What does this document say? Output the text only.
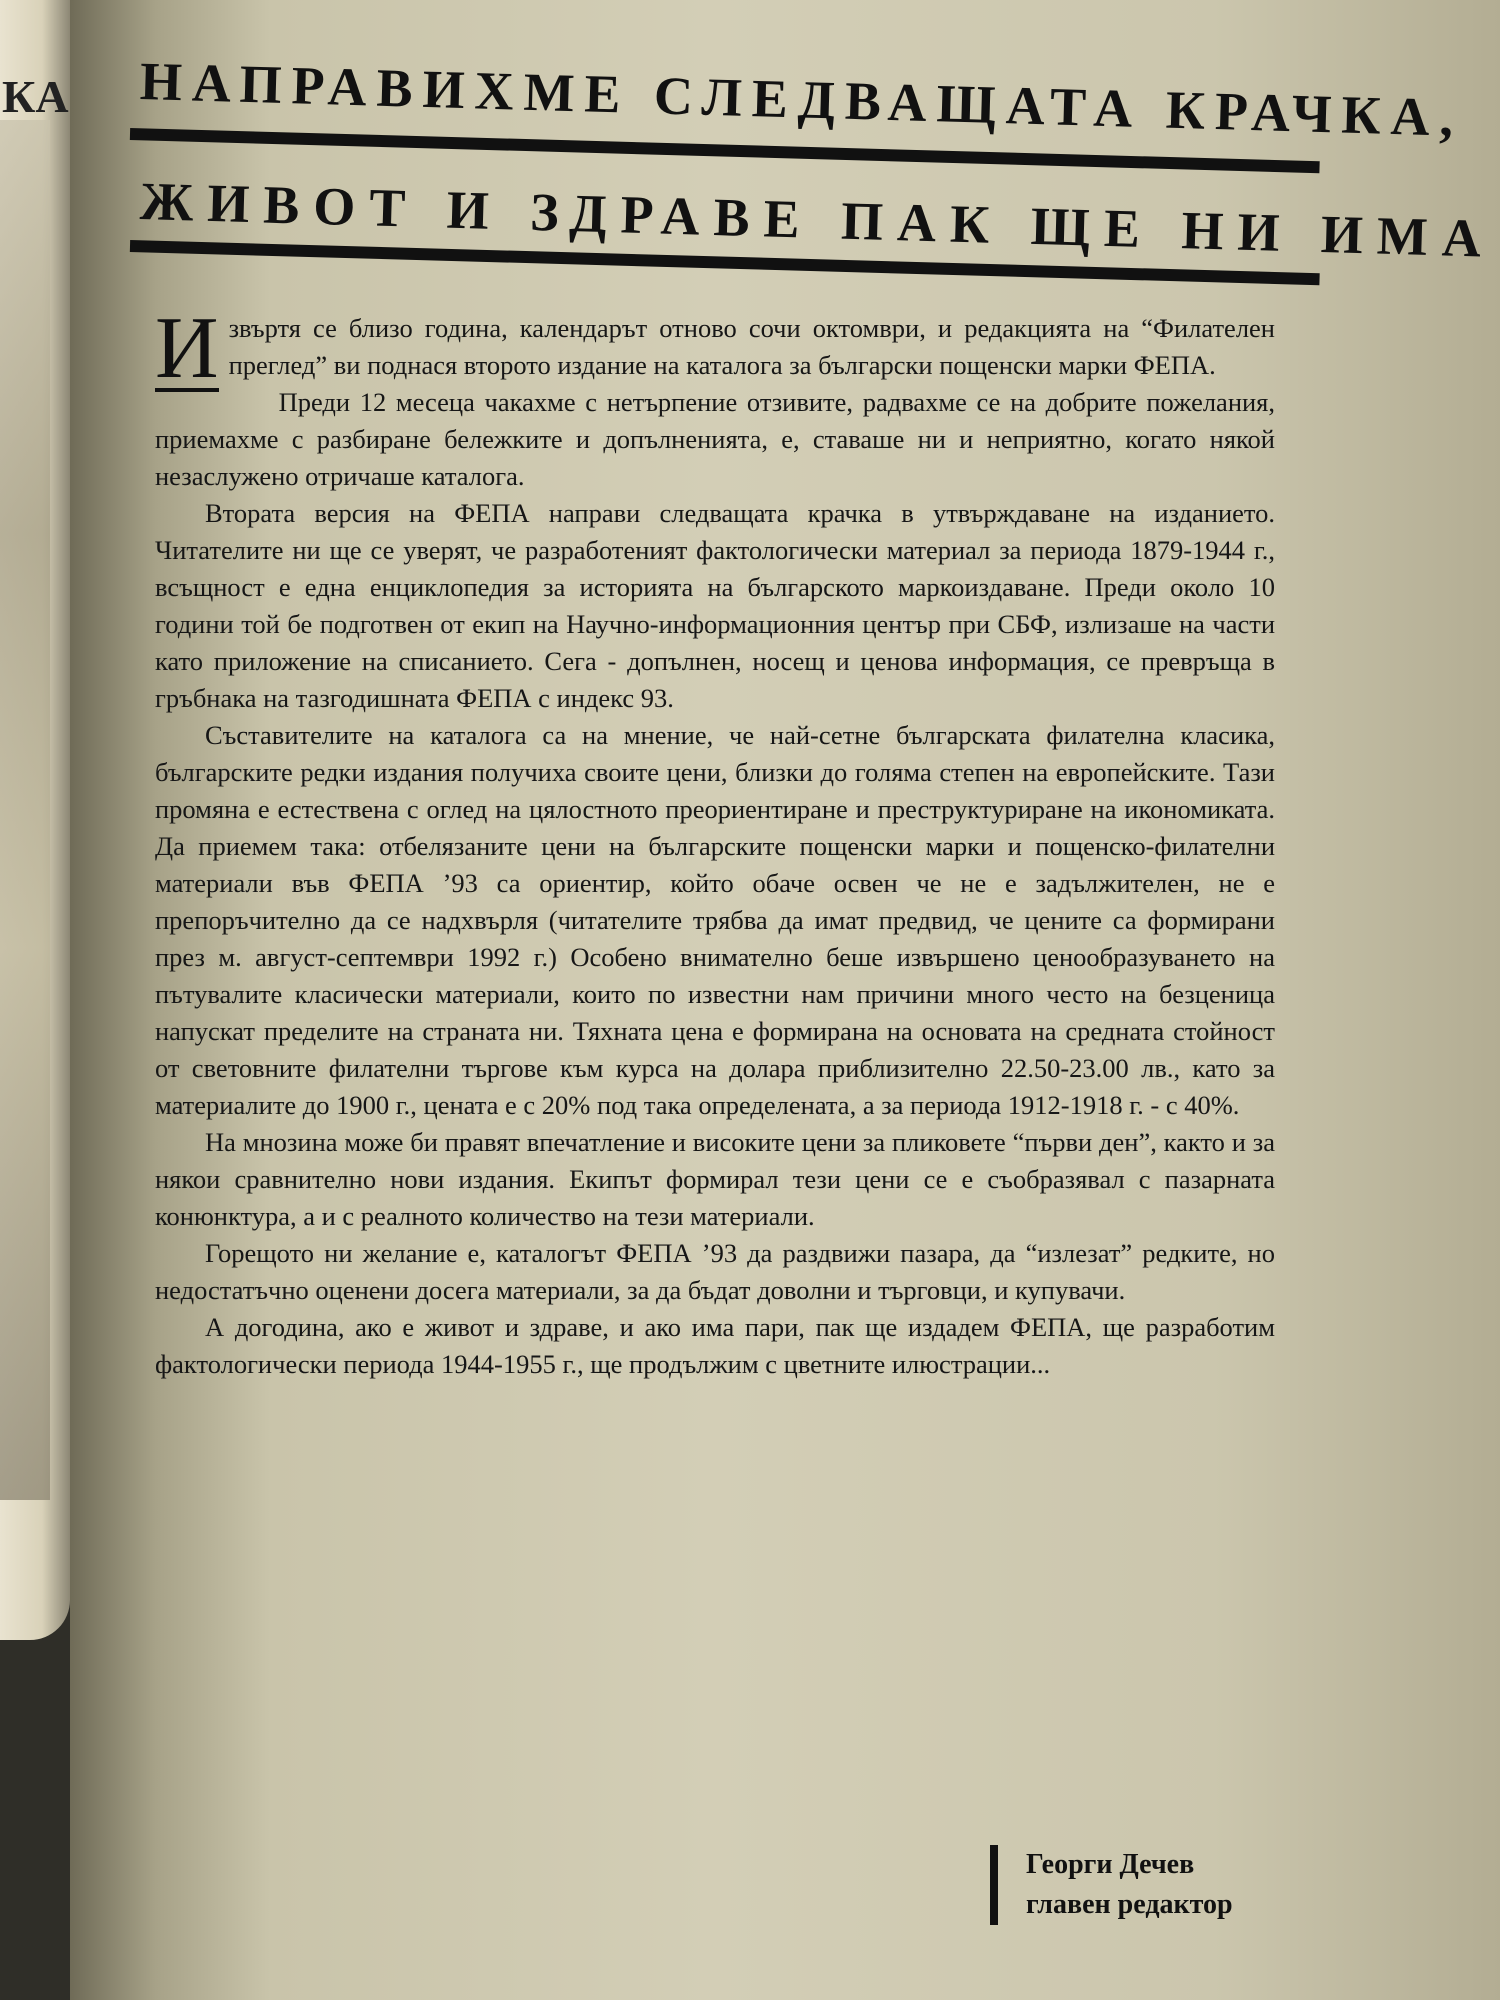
КА НАПРАВИХМЕ СЛЕДВАЩАТА КРАЧКА,

ЖИВОТ И ЗДРАВЕ ПАК ЩЕ НИ ИМА

И звъртя се близо година, календарът отново сочи октомври, и редакцията на “Филателен преглед” ви поднася второто издание на каталога за български пощенски марки ФЕПА.

Преди 12 месеца чакахме с нетърпение отзивите, радвахме се на добрите пожелания, приемахме с разбиране бележките и допълненията, е, ставаше ни и неприятно, когато някой незаслужено отричаше каталога.

Втората версия на ФЕПА направи следващата крачка в утвърждаване на изданието. Читателите ни ще се уверят, че разработеният фактологически материал за периода 1879-1944 г., всъщност е една енциклопедия за историята на българското маркоиздаване. Преди около 10 години той бе подготвен от екип на Научно-информационния център при СБФ, излизаше на части като приложение на списанието. Сега - допълнен, носещ и ценова информация, се превръща в гръбнака на тазгодишната ФЕПА с индекс 93.

Съставителите на каталога са на мнение, че най-сетне българската филателна класика, българските редки издания получиха своите цени, близки до голяма степен на европейските. Тази промяна е естествена с оглед на цялостното преориентиране и преструктуриране на икономиката. Да приемем така: отбелязаните цени на българските пощенски марки и пощенско-филателни материали във ФЕПА ’93 са ориентир, който обаче освен че не е задължителен, не е препоръчително да се надхвърля (читателите трябва да имат предвид, че цените са формирани през м. август-септември 1992 г.) Особено внимателно беше извършено ценообразуването на пътувалите класически материали, които по известни нам причини много често на безценица напускат пределите на страната ни. Тяхната цена е формирана на основата на средната стойност от световните филателни търгове към курса на долара приблизително 22.50-23.00 лв., като за материалите до 1900 г., цената е с 20% под така определената, а за периода 1912-1918 г. - с 40%.

На мнозина може би правят впечатление и високите цени за пликовете “първи ден”, както и за някои сравнително нови издания. Екипът формирал тези цени се е съобразявал с пазарната конюнктура, а и с реалното количество на тези материали.

Горещото ни желание е, каталогът ФЕПА ’93 да раздвижи пазара, да “излезат” редките, но недостатъчно оценени досега материали, за да бъдат доволни и търговци, и купувачи.

А догодина, ако е живот и здраве, и ако има пари, пак ще издадем ФЕПА, ще разработим фактологически периода 1944-1955 г., ще продължим с цветните илюстрации...

Георги Дечев
главен редактор
